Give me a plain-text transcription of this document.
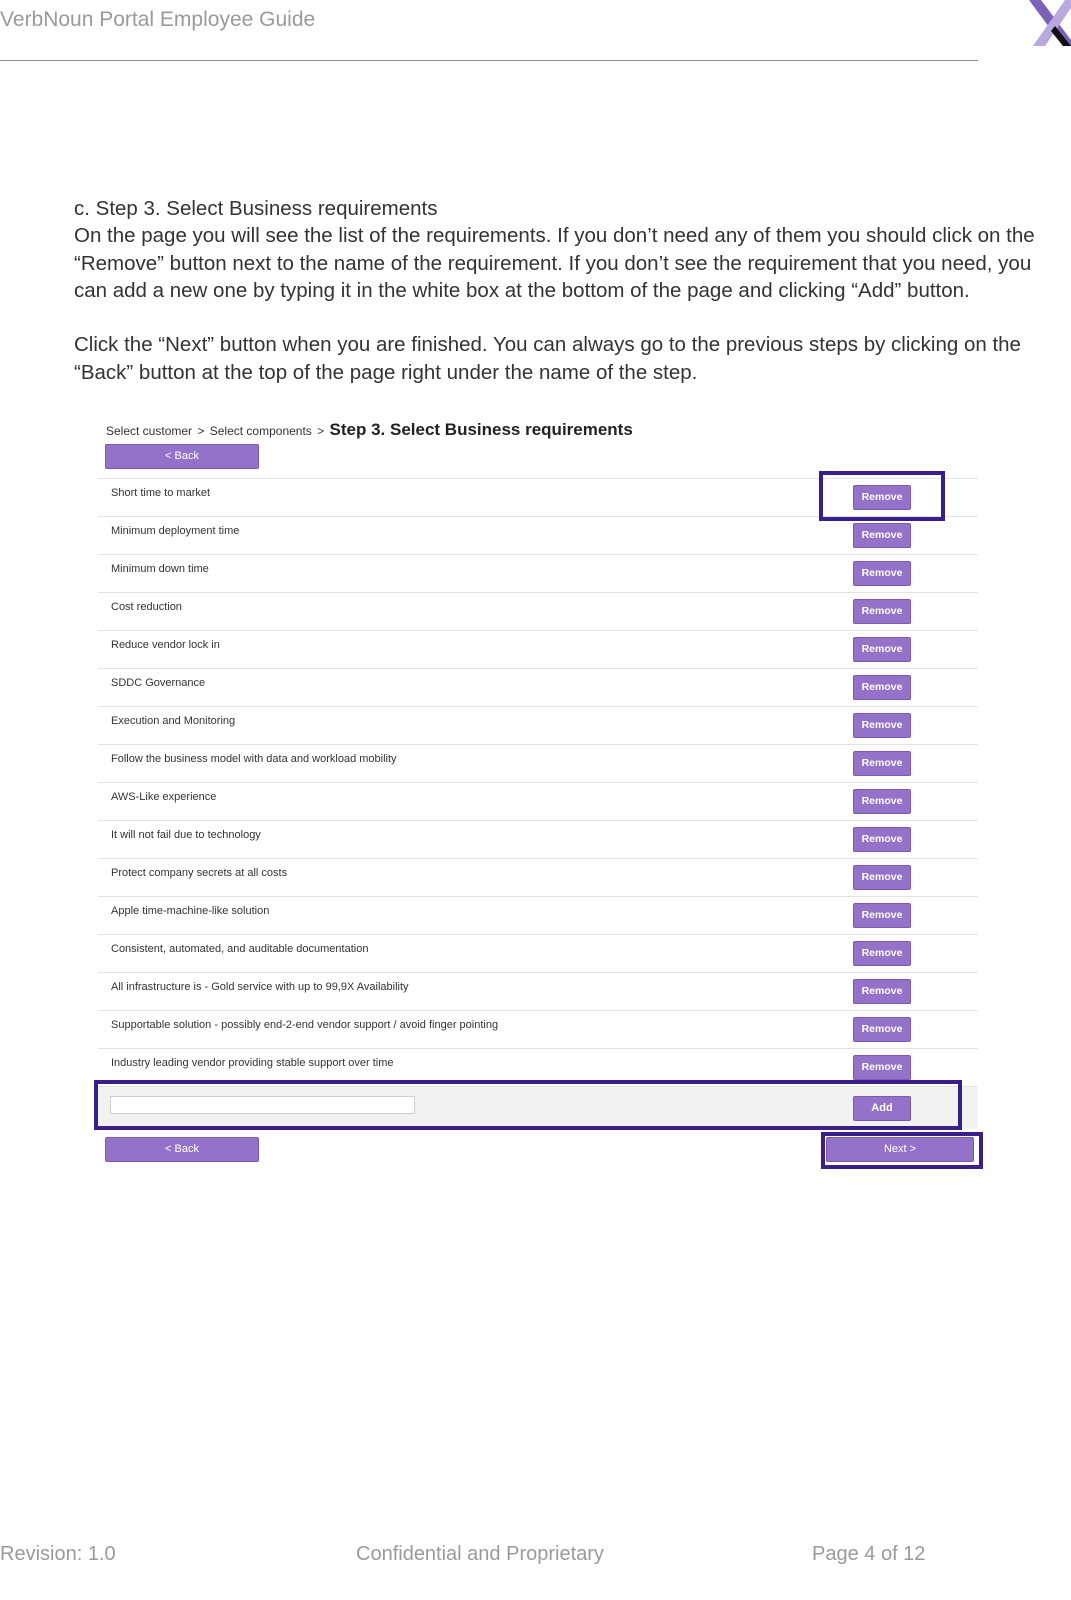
VerbNoun Portal Employee Guide
c. Step 3. Select Business requirements

On the page you will see the list of the requirements. If you don’t need any of them you should click on the “Remove” button next to the name of the requirement. If you don’t see the requirement that you need, you can add a new one by typing it in the white box at the bottom of the page and clicking “Add” button.

Click the “Next” button when you are finished. You can always go to the previous steps by clicking on the “Back” button at the top of the page right under the name of the step.

Select customer > Select components > Step 3. Select Business requirements
< Back
Short time to market	Remove
Minimum deployment time	Remove
Minimum down time	Remove
Cost reduction	Remove
Reduce vendor lock in	Remove
SDDC Governance	Remove
Execution and Monitoring	Remove
Follow the business model with data and workload mobility	Remove
AWS-Like experience	Remove
It will not fail due to technology	Remove
Protect company secrets at all costs	Remove
Apple time-machine-like solution	Remove
Consistent, automated, and auditable documentation	Remove
All infrastructure is - Gold service with up to 99,9X Availability	Remove
Supportable solution - possibly end-2-end vendor support / avoid finger pointing	Remove
Industry leading vendor providing stable support over time	Remove
Add
< Back	Next >
Revision: 1.0	Confidential and Proprietary	Page 4 of 12
